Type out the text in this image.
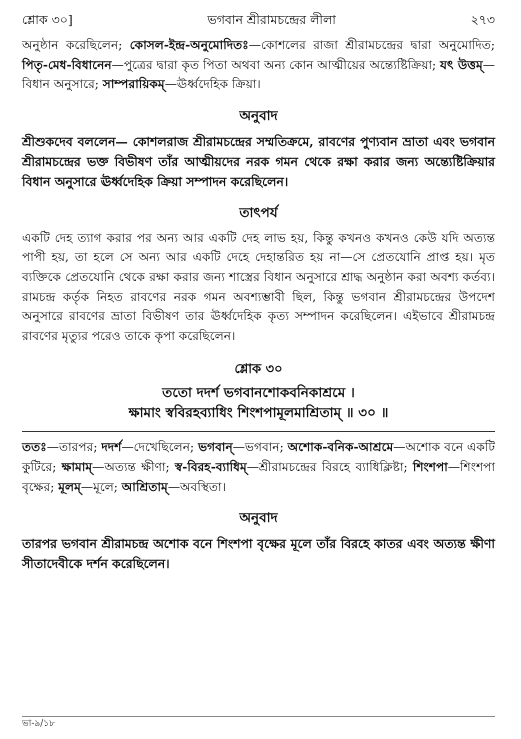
শ্লোক ৩০]	ভগবান শ্রীরামচন্দ্রের লীলা	২৭৩

অনুষ্ঠান করেছিলেন; কোসল-ইন্দ্র-অনুমোদিতঃ—কোশলের রাজা শ্রীরামচন্দ্রের দ্বারা অনুমোদিত; পিতৃ-মেধ-বিধানেন—পুত্রের দ্বারা কৃত পিতা অথবা অন্য কোন আত্মীয়ের অন্ত্যেষ্টিক্রিয়া; যৎ উত্তম্—বিধান অনুসারে; সাম্পরায়িকম্—ঊর্ধ্বদেহিক ক্রিয়া।

অনুবাদ

শ্রীশুকদেব বললেন— কোশলরাজ শ্রীরামচন্দ্রের সম্মতিক্রমে, রাবণের পুণ্যবান ভ্রাতা এবং ভগবান শ্রীরামচন্দ্রের ভক্ত বিভীষণ তাঁর আত্মীয়দের নরক গমন থেকে রক্ষা করার জন্য অন্ত্যেষ্টিক্রিয়ার বিধান অনুসারে ঊর্ধ্বদেহিক ক্রিয়া সম্পাদন করেছিলেন।

তাৎপর্য

একটি দেহ ত্যাগ করার পর অন্য আর একটি দেহ লাভ হয়, কিন্তু কখনও কখনও কেউ যদি অত্যন্ত পাপী হয়, তা হলে সে অন্য আর একটি দেহে দেহান্তরিত হয় না—সে প্রেতযোনি প্রাপ্ত হয়। মৃত ব্যক্তিকে প্রেতযোনি থেকে রক্ষা করার জন্য শাস্ত্রের বিধান অনুসারে শ্রাদ্ধ অনুষ্ঠান করা অবশ্য কর্তব্য। রামচন্দ্র কর্তৃক নিহত রাবণের নরক গমন অবশ্যম্ভাবী ছিল, কিন্তু ভগবান শ্রীরামচন্দ্রের উপদেশ অনুসারে রাবণের ভ্রাতা বিভীষণ তার ঊর্ধ্বদেহিক কৃত্য সম্পাদন করেছিলেন। এইভাবে শ্রীরামচন্দ্র রাবণের মৃত্যুর পরেও তাকে কৃপা করেছিলেন।

শ্লোক ৩০

ততো দদর্শ ভগবানশোকবনিকাশ্রমে ।

ক্ষামাং স্ববিরহব্যাধিং শিংশপামূলমাশ্রিতাম্ ॥ ৩০ ॥

ততঃ—তারপর; দদর্শ—দেখেছিলেন; ভগবান্—ভগবান; অশোক-বনিক-আশ্রমে—অশোক বনে একটি কুটিরে; ক্ষামাম্—অত্যন্ত ক্ষীণা; স্ব-বিরহ-ব্যাধিম্—শ্রীরামচন্দ্রের বিরহে ব্যাধিক্লিষ্টা; শিংশপা—শিংশপা বৃক্ষের; মূলম্—মূলে; আশ্রিতাম্—অবস্থিতা।

অনুবাদ

তারপর ভগবান শ্রীরামচন্দ্র অশোক বনে শিংশপা বৃক্ষের মূলে তাঁর বিরহে কাতর এবং অত্যন্ত ক্ষীণা সীতাদেবীকে দর্শন করেছিলেন।

ভা-৯/১৮
